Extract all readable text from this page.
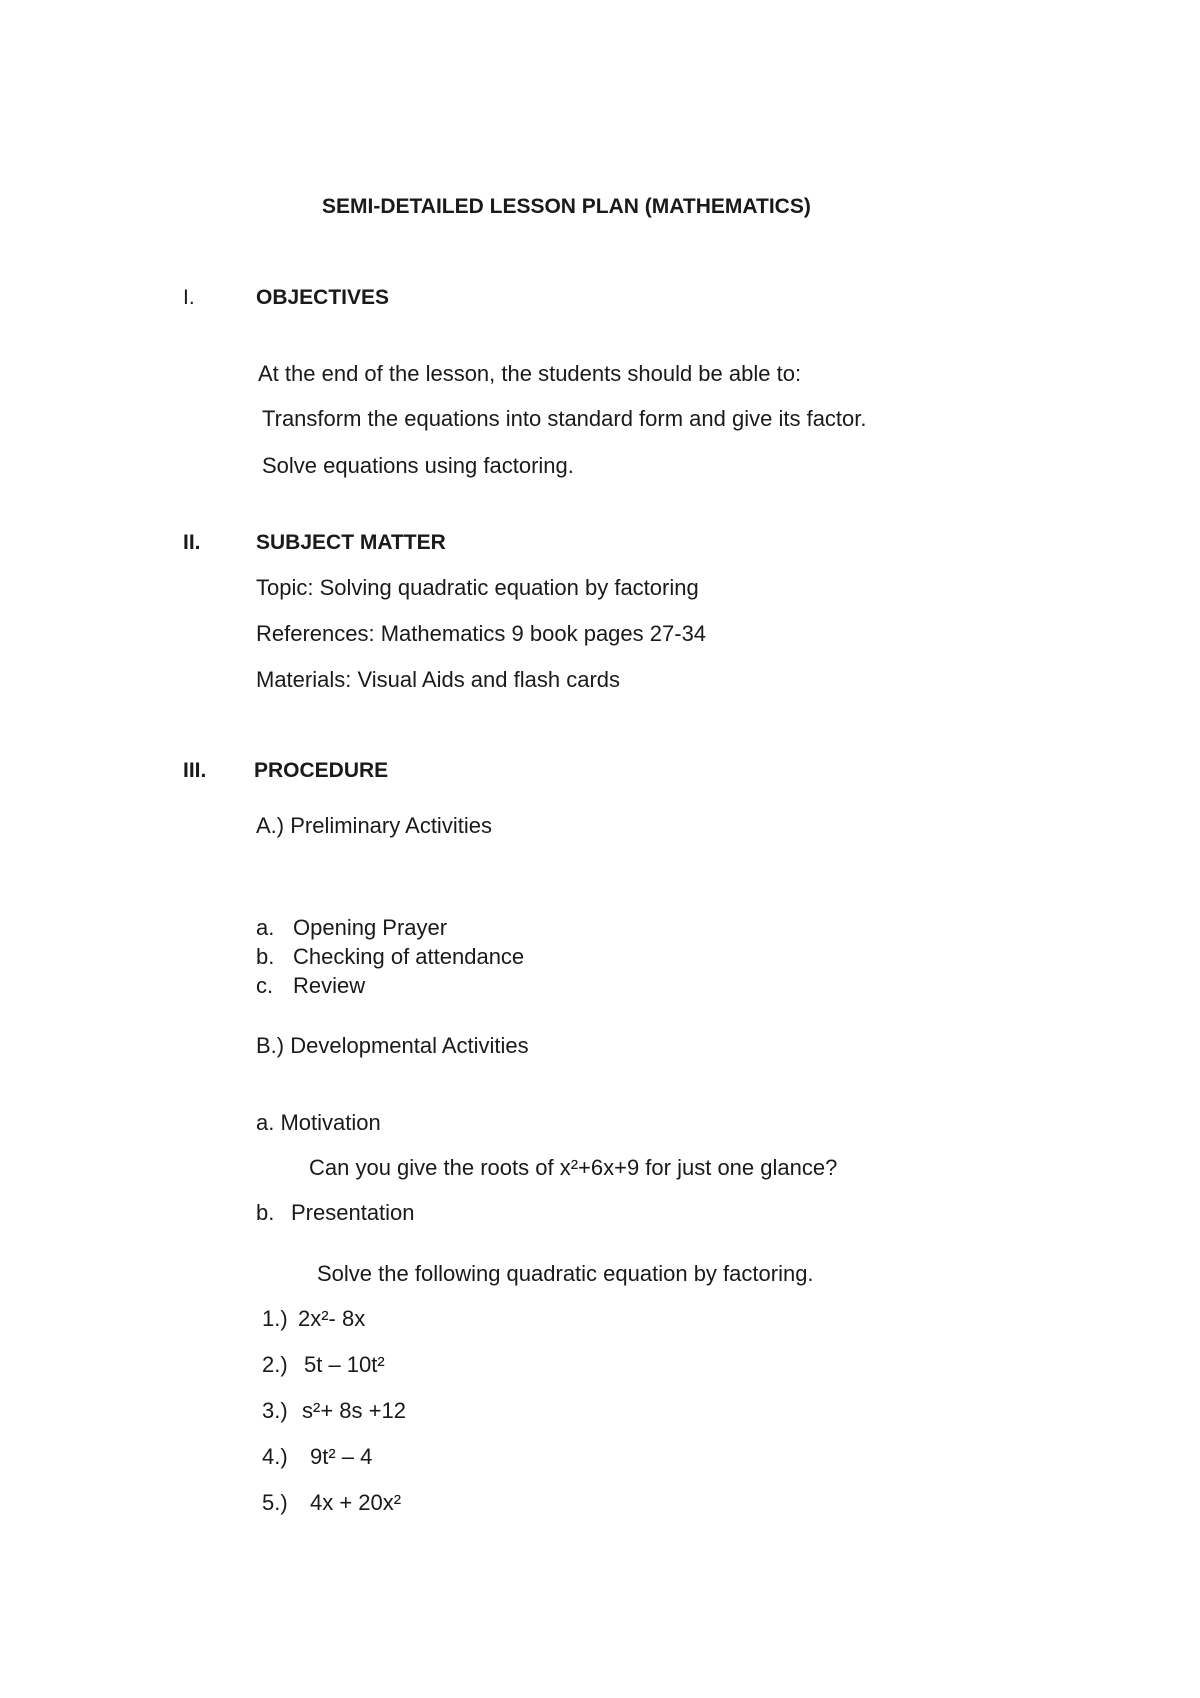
SEMI-DETAILED LESSON PLAN (MATHEMATICS)
I.	OBJECTIVES
At the end of the lesson, the students should be able to:
Transform the equations into standard form and give its factor.
Solve equations using factoring.
II.	SUBJECT MATTER
Topic: Solving quadratic equation by factoring
References: Mathematics 9 book pages 27-34
Materials: Visual Aids and flash cards
III. PROCEDURE
A.) Preliminary Activities
a. Opening Prayer
b. Checking of attendance
c. Review
B.) Developmental Activities
a. Motivation
Can you give the roots of x²+6x+9 for just one glance?
b. Presentation
Solve the following quadratic equation by factoring.
1.) 2x²- 8x
2.) 5t – 10t²
3.) s²+ 8s +12
4.) 9t² – 4
5.) 4x + 20x²
